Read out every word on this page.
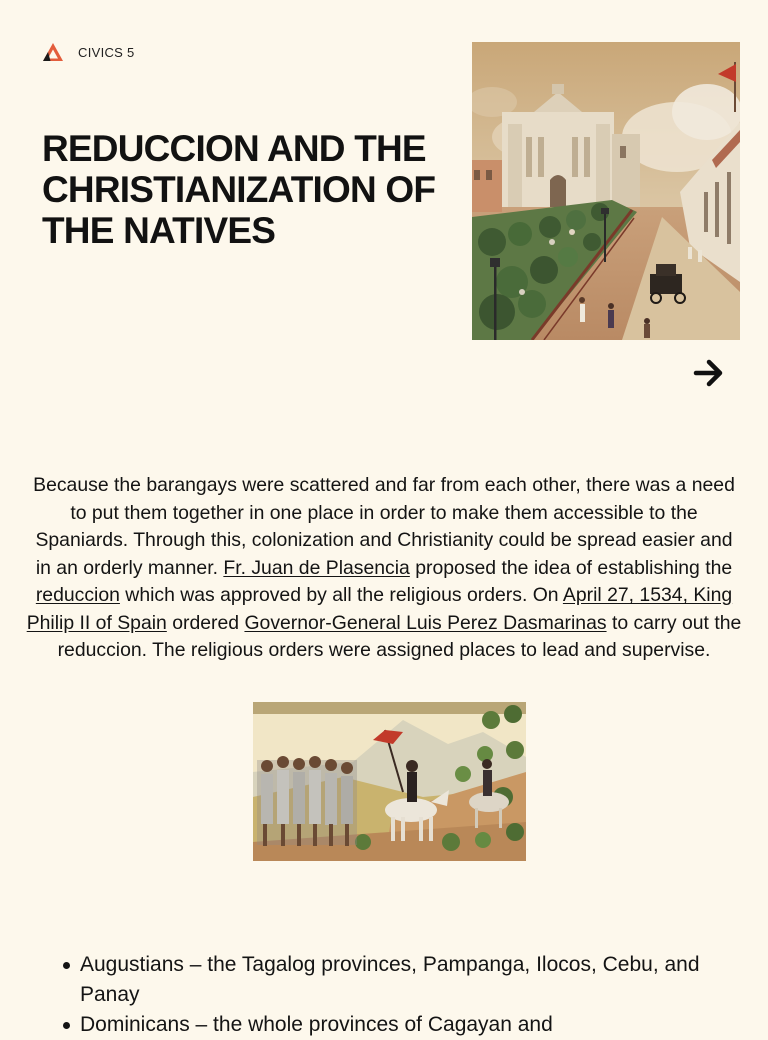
CIVICS 5
REDUCCION AND THE CHRISTIANIZATION OF THE NATIVES

Because the barangays were scattered and far from each other, there was a need to put them together in one place in order to make them accessible to the Spaniards. Through this, colonization and Christianity could be spread easier and in an orderly manner. Fr. Juan de Plasencia proposed the idea of establishing the reduccion which was approved by all the religious orders. On April 27, 1534, King Philip II of Spain ordered Governor-General Luis Perez Dasmarinas to carry out the reduccion. The religious orders were assigned places to lead and supervise.

Augustians – the Tagalog provinces, Pampanga, Ilocos, Cebu, and Panay
Dominicans – the whole provinces of Cagayan and
